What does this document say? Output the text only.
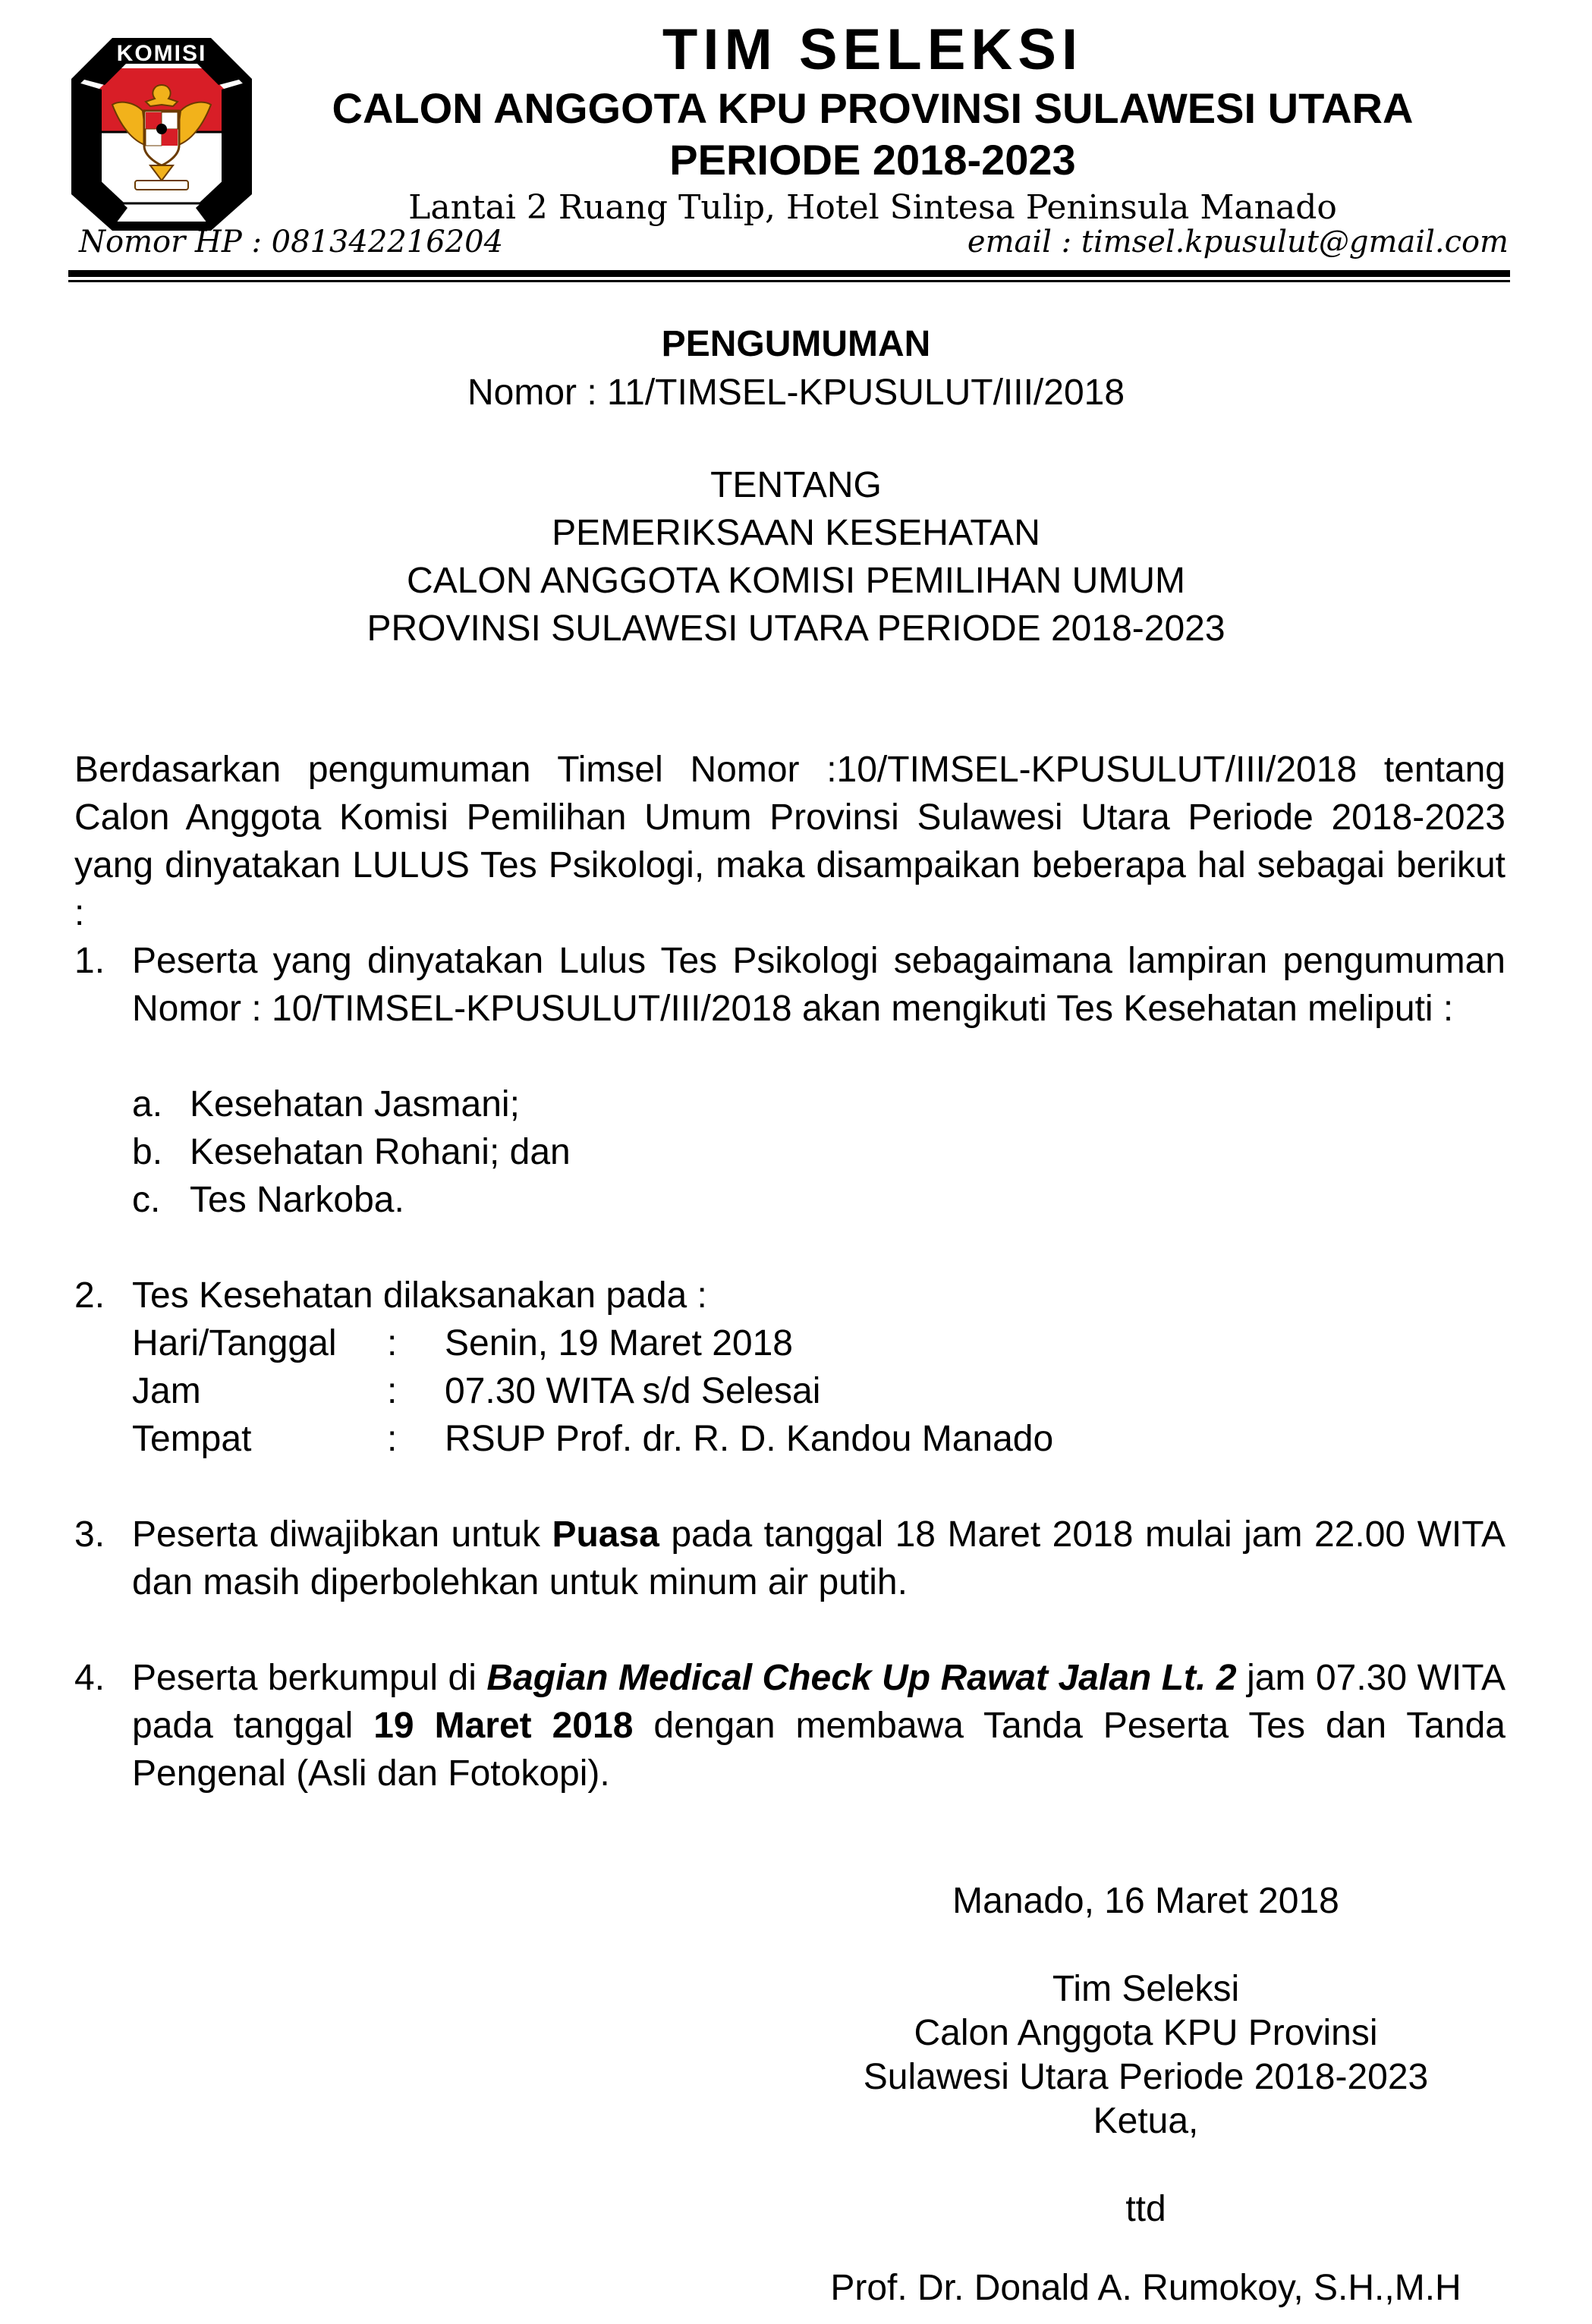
KOMISI
PEMILIHAN UMUM	TIM SELEKSI
CALON ANGGOTA KPU PROVINSI SULAWESI UTARA
PERIODE 2018-2023
Lantai 2 Ruang Tulip, Hotel Sintesa Peninsula Manado
Nomor HP : 081342216204	email : timsel.kpusulut@gmail.com
PENGUMUMAN
Nomor : 11/TIMSEL-KPUSULUT/III/2018
TENTANG
PEMERIKSAAN KESEHATAN
CALON ANGGOTA KOMISI PEMILIHAN UMUM
PROVINSI SULAWESI UTARA PERIODE 2018-2023
Berdasarkan pengumuman Timsel Nomor :10/TIMSEL-KPUSULUT/III/2018 tentang Calon Anggota Komisi Pemilihan Umum Provinsi Sulawesi Utara Periode 2018-2023 yang dinyatakan LULUS Tes Psikologi, maka disampaikan beberapa hal sebagai berikut :
1. Peserta yang dinyatakan Lulus Tes Psikologi sebagaimana lampiran pengumuman Nomor : 10/TIMSEL-KPUSULUT/III/2018 akan mengikuti Tes Kesehatan meliputi :
a. Kesehatan Jasmani;
b. Kesehatan Rohani; dan
c. Tes Narkoba.
2. Tes Kesehatan dilaksanakan pada :
Hari/Tanggal : Senin, 19 Maret 2018
Jam	: 07.30 WITA s/d Selesai
Tempat	: RSUP Prof. dr. R. D. Kandou Manado
3. Peserta diwajibkan untuk Puasa pada tanggal 18 Maret 2018 mulai jam 22.00 WITA dan masih diperbolehkan untuk minum air putih.
4. Peserta berkumpul di Bagian Medical Check Up Rawat Jalan Lt. 2 jam 07.30 WITA pada tanggal 19 Maret 2018 dengan membawa Tanda Peserta Tes dan Tanda Pengenal (Asli dan Fotokopi).
Manado, 16 Maret 2018
Tim Seleksi
Calon Anggota KPU Provinsi
Sulawesi Utara Periode 2018-2023
Ketua,
ttd
Prof. Dr. Donald A. Rumokoy, S.H.,M.H
